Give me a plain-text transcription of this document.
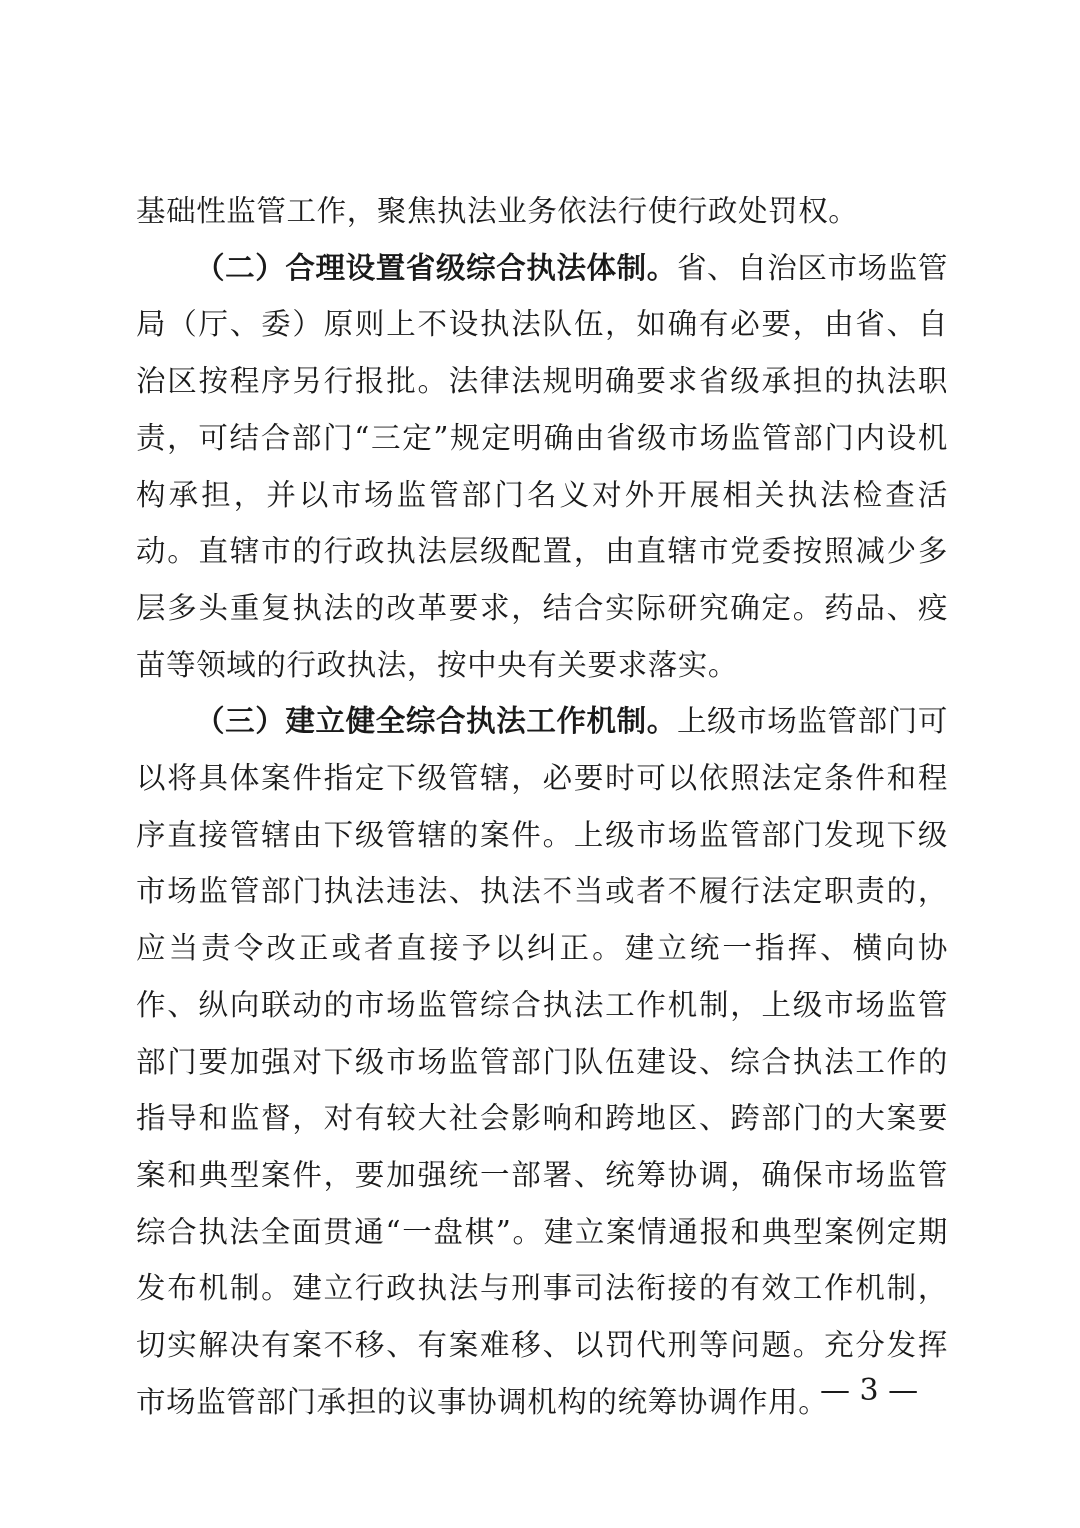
基础性监管工作，聚焦执法业务依法行使行政处罚权。

（二）合理设置省级综合执法体制。省、自治区市场监管局（厅、委）原则上不设执法队伍，如确有必要，由省、自治区按程序另行报批。法律法规明确要求省级承担的执法职责，可结合部门“三定”规定明确由省级市场监管部门内设机构承担，并以市场监管部门名义对外开展相关执法检查活动。直辖市的行政执法层级配置，由直辖市党委按照减少多层多头重复执法的改革要求，结合实际研究确定。药品、疫苗等领域的行政执法，按中央有关要求落实。

（三）建立健全综合执法工作机制。上级市场监管部门可以将具体案件指定下级管辖，必要时可以依照法定条件和程序直接管辖由下级管辖的案件。上级市场监管部门发现下级市场监管部门执法违法、执法不当或者不履行法定职责的，应当责令改正或者直接予以纠正。建立统一指挥、横向协作、纵向联动的市场监管综合执法工作机制，上级市场监管部门要加强对下级市场监管部门队伍建设、综合执法工作的指导和监督，对有较大社会影响和跨地区、跨部门的大案要案和典型案件，要加强统一部署、统筹协调，确保市场监管综合执法全面贯通“一盘棋”。建立案情通报和典型案例定期发布机制。建立行政执法与刑事司法衔接的有效工作机制，切实解决有案不移、有案难移、以罚代刑等问题。充分发挥市场监管部门承担的议事协调机构的统筹协调作用。

— 3 —
